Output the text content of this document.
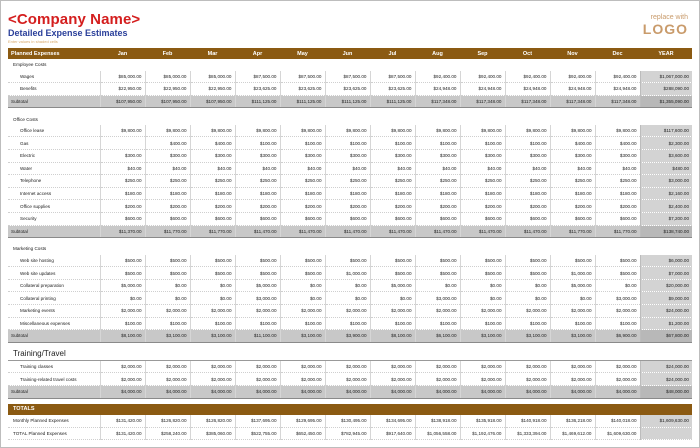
<Company Name>
Detailed Expense Estimates
Enter values in shaded cells
replace with
LOGO
Planned Expenses	Jan	Feb	Mar	Apr	May	Jun	Jul	Aug	Sep	Oct	Nov	Dec	YEAR
Employee Costs													
Wages	$85,000.00	$85,000.00	$85,000.00	$87,500.00	$87,500.00	$87,500.00	$87,500.00	$92,400.00	$92,400.00	$92,400.00	$92,400.00	$92,400.00	$1,067,000.00
Benefits	$22,950.00	$22,950.00	$22,950.00	$23,625.00	$23,625.00	$23,625.00	$23,625.00	$24,948.00	$24,948.00	$24,948.00	$24,948.00	$24,948.00	$288,090.00
Subtotal	$107,950.00	$107,950.00	$107,950.00	$111,125.00	$111,125.00	$111,125.00	$111,125.00	$117,348.00	$117,348.00	$117,348.00	$117,348.00	$117,348.00	$1,355,090.00

Office Costs													
Office lease	$9,800.00	$9,800.00	$9,800.00	$9,800.00	$9,800.00	$9,800.00	$9,800.00	$9,800.00	$9,800.00	$9,800.00	$9,800.00	$9,800.00	$117,600.00
Gas		$400.00	$400.00	$100.00	$100.00	$100.00	$100.00	$100.00	$100.00	$100.00	$400.00	$400.00	$2,300.00
Electric	$300.00	$300.00	$300.00	$300.00	$300.00	$300.00	$300.00	$300.00	$300.00	$300.00	$300.00	$300.00	$3,600.00
Water	$40.00	$40.00	$40.00	$40.00	$40.00	$40.00	$40.00	$40.00	$40.00	$40.00	$40.00	$40.00	$480.00
Telephone	$250.00	$250.00	$250.00	$250.00	$250.00	$250.00	$250.00	$250.00	$250.00	$250.00	$250.00	$250.00	$3,000.00
Internet access	$180.00	$180.00	$180.00	$180.00	$180.00	$180.00	$180.00	$180.00	$180.00	$180.00	$180.00	$180.00	$2,160.00
Office supplies	$200.00	$200.00	$200.00	$200.00	$200.00	$200.00	$200.00	$200.00	$200.00	$200.00	$200.00	$200.00	$2,400.00
Security	$600.00	$600.00	$600.00	$600.00	$600.00	$600.00	$600.00	$600.00	$600.00	$600.00	$600.00	$600.00	$7,200.00
Subtotal	$11,370.00	$11,770.00	$11,770.00	$11,470.00	$11,470.00	$11,470.00	$11,470.00	$11,470.00	$11,470.00	$11,470.00	$11,770.00	$11,770.00	$138,740.00

Marketing Costs													
Web site hosting	$500.00	$500.00	$500.00	$500.00	$500.00	$500.00	$500.00	$500.00	$500.00	$500.00	$500.00	$500.00	$6,000.00
Web site updates	$500.00	$500.00	$500.00	$500.00	$500.00	$1,000.00	$500.00	$500.00	$500.00	$500.00	$1,000.00	$500.00	$7,000.00
Collateral preparation	$5,000.00	$0.00	$0.00	$5,000.00	$0.00	$0.00	$5,000.00	$0.00	$0.00	$0.00	$5,000.00	$0.00	$20,000.00
Collateral printing	$0.00	$0.00	$0.00	$3,000.00	$0.00	$0.00	$0.00	$3,000.00	$0.00	$0.00	$0.00	$3,000.00	$9,000.00
Marketing events	$2,000.00	$2,000.00	$2,000.00	$2,000.00	$2,000.00	$2,000.00	$2,000.00	$2,000.00	$2,000.00	$2,000.00	$2,000.00	$2,000.00	$24,000.00
Miscellaneous expenses	$100.00	$100.00	$100.00	$100.00	$100.00	$100.00	$100.00	$100.00	$100.00	$100.00	$100.00	$100.00	$1,200.00
Subtotal	$8,100.00	$3,100.00	$3,100.00	$11,100.00	$3,100.00	$3,900.00	$8,100.00	$6,100.00	$3,100.00	$3,100.00	$3,100.00	$6,900.00	$67,800.00

Training/Travel													
Training classes	$2,000.00	$2,000.00	$2,000.00	$2,000.00	$2,000.00	$2,000.00	$2,000.00	$2,000.00	$2,000.00	$2,000.00	$2,000.00	$2,000.00	$24,000.00
Training-related travel costs	$2,000.00	$2,000.00	$2,000.00	$2,000.00	$2,000.00	$2,000.00	$2,000.00	$2,000.00	$2,000.00	$2,000.00	$2,000.00	$2,000.00	$24,000.00
Subtotal	$4,000.00	$4,000.00	$4,000.00	$4,000.00	$4,000.00	$4,000.00	$4,000.00	$4,000.00	$4,000.00	$4,000.00	$4,000.00	$4,000.00	$48,000.00

TOTALS													
Monthly Planned Expenses	$131,420.00	$126,820.00	$126,820.00	$137,695.00	$129,695.00	$130,495.00	$134,695.00	$138,918.00	$135,918.00	$140,918.00	$136,218.00	$140,018.00	$1,609,630.00
TOTAL Planned Expenses	$131,420.00	$258,240.00	$385,060.00	$522,755.00	$652,450.00	$782,945.00	$917,640.00	$1,056,558.00	$1,192,476.00	$1,333,394.00	$1,469,612.00	$1,609,630.00	
